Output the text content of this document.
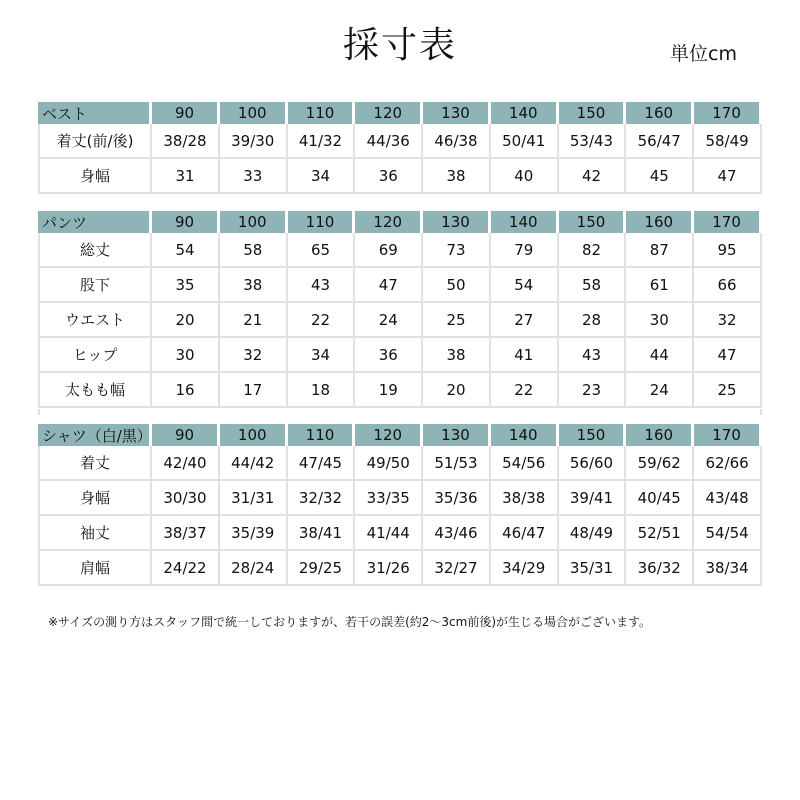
採寸表	単位cm
ベスト	90	100	110	120	130	140	150	160	170
着丈(前/後)	38/28	39/30	41/32	44/36	46/38	50/41	53/43	56/47	58/49
身幅	31	33	34	36	38	40	42	45	47
パンツ	90	100	110	120	130	140	150	160	170
総丈	54	58	65	69	73	79	82	87	95
股下	35	38	43	47	50	54	58	61	66
ウエスト	20	21	22	24	25	27	28	30	32
ヒップ	30	32	34	36	38	41	43	44	47
太もも幅	16	17	18	19	20	22	23	24	25
シャツ（白/黒）	90	100	110	120	130	140	150	160	170
着丈	42/40	44/42	47/45	49/50	51/53	54/56	56/60	59/62	62/66
身幅	30/30	31/31	32/32	33/35	35/36	38/38	39/41	40/45	43/48
袖丈	38/37	35/39	38/41	41/44	43/46	46/47	48/49	52/51	54/54
肩幅	24/22	28/24	29/25	31/26	32/27	34/29	35/31	36/32	38/34
※サイズの測り方はスタッフ間で統一しておりますが、若干の誤差(約2～3cm前後)が生じる場合がございます。
